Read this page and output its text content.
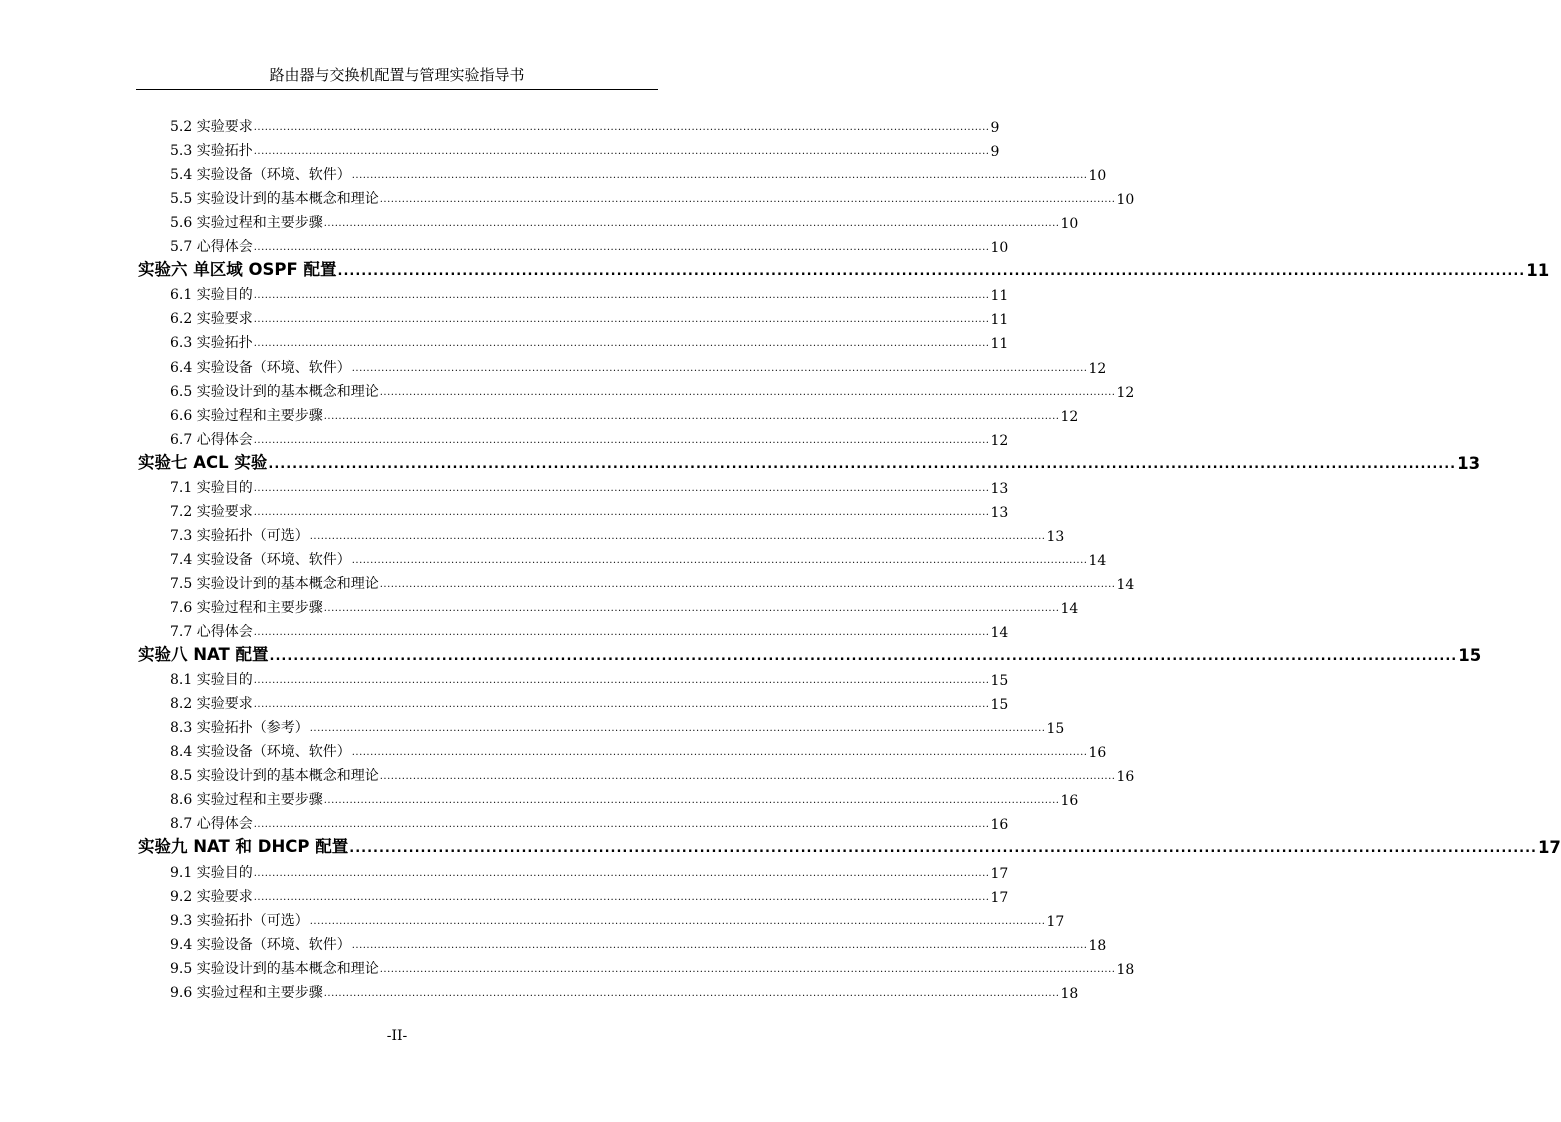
路由器与交换机配置与管理实验指导书
5.2 实验要求 ........................................................................................................................................................................................................ 9
5.3 实验拓扑 ........................................................................................................................................................................................................ 9
5.4 实验设备（环境、软件） ........................................................................................................................................................................................................ 10
5.5 实验设计到的基本概念和理论 ........................................................................................................................................................................................................ 10
5.6 实验过程和主要步骤 ........................................................................................................................................................................................................ 10
5.7 心得体会 ........................................................................................................................................................................................................ 10
实验六 单区域 OSPF 配置 ........................................................................................................................................................................................................ 11
6.1 实验目的 ........................................................................................................................................................................................................ 11
6.2 实验要求 ........................................................................................................................................................................................................ 11
6.3 实验拓扑 ........................................................................................................................................................................................................ 11
6.4 实验设备（环境、软件） ........................................................................................................................................................................................................ 12
6.5 实验设计到的基本概念和理论 ........................................................................................................................................................................................................ 12
6.6 实验过程和主要步骤 ........................................................................................................................................................................................................ 12
6.7 心得体会 ........................................................................................................................................................................................................ 12
实验七 ACL 实验 ........................................................................................................................................................................................................ 13
7.1 实验目的 ........................................................................................................................................................................................................ 13
7.2 实验要求 ........................................................................................................................................................................................................ 13
7.3 实验拓扑（可选） ........................................................................................................................................................................................................ 13
7.4 实验设备（环境、软件） ........................................................................................................................................................................................................ 14
7.5 实验设计到的基本概念和理论 ........................................................................................................................................................................................................ 14
7.6 实验过程和主要步骤 ........................................................................................................................................................................................................ 14
7.7 心得体会 ........................................................................................................................................................................................................ 14
实验八 NAT 配置 ........................................................................................................................................................................................................ 15
8.1 实验目的 ........................................................................................................................................................................................................ 15
8.2 实验要求 ........................................................................................................................................................................................................ 15
8.3 实验拓扑（参考） ........................................................................................................................................................................................................ 15
8.4 实验设备（环境、软件） ........................................................................................................................................................................................................ 16
8.5 实验设计到的基本概念和理论 ........................................................................................................................................................................................................ 16
8.6 实验过程和主要步骤 ........................................................................................................................................................................................................ 16
8.7 心得体会 ........................................................................................................................................................................................................ 16
实验九 NAT 和 DHCP 配置 ........................................................................................................................................................................................................ 17
9.1 实验目的 ........................................................................................................................................................................................................ 17
9.2 实验要求 ........................................................................................................................................................................................................ 17
9.3 实验拓扑（可选） ........................................................................................................................................................................................................ 17
9.4 实验设备（环境、软件） ........................................................................................................................................................................................................ 18
9.5 实验设计到的基本概念和理论 ........................................................................................................................................................................................................ 18
9.6 实验过程和主要步骤 ........................................................................................................................................................................................................ 18
-II-
